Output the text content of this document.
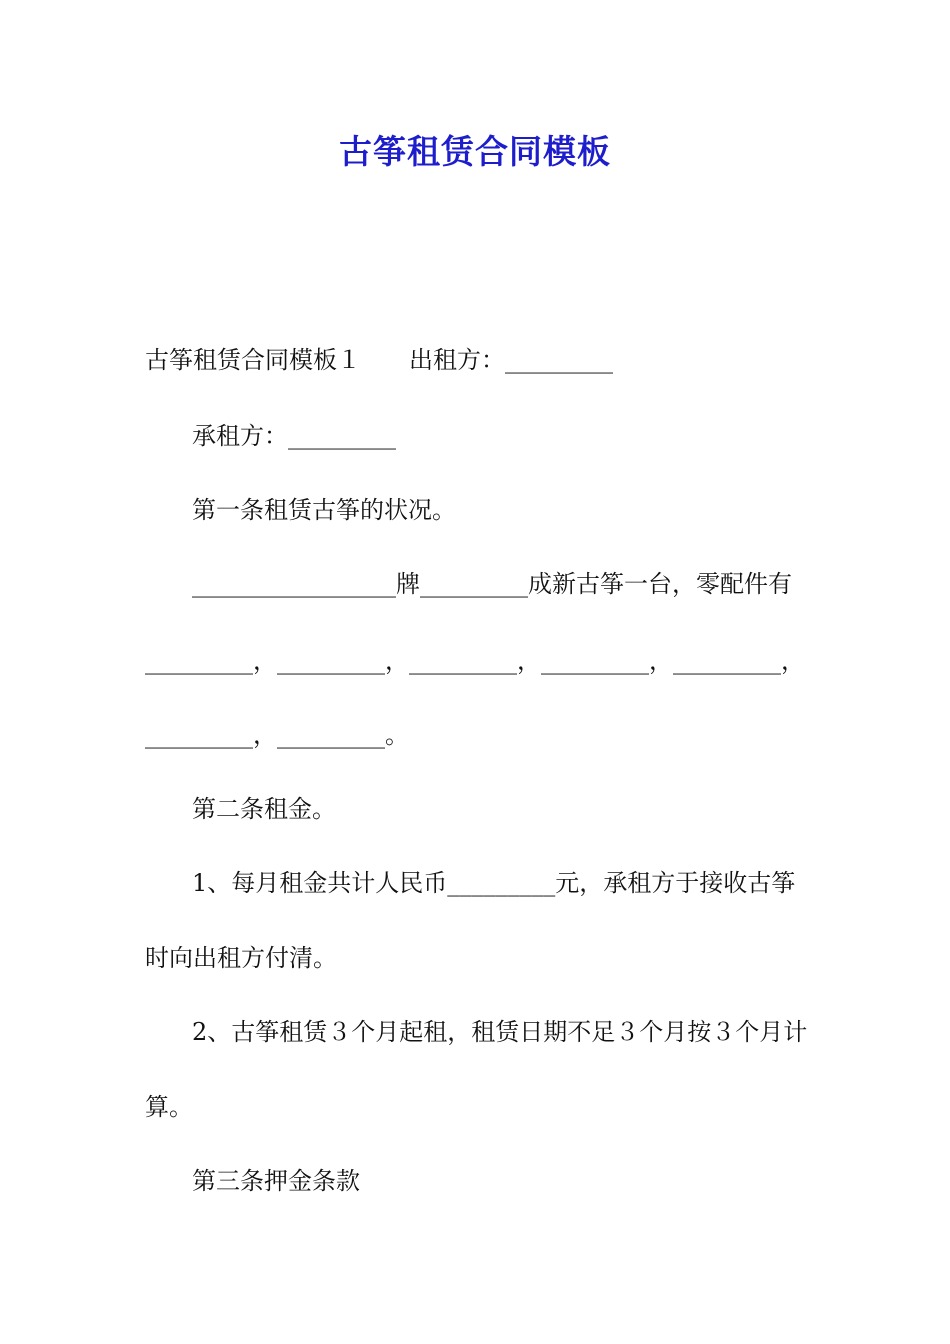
古筝租赁合同模板
古筝租赁合同模板１　　出租方：_________
承租方：_________
第一条租赁古筝的状况。
_________________牌_________成新古筝一台，零配件有
_________，_________，_________，_________，_________，
_________，_________。
第二条租金。
1、每月租金共计人民币_________元，承租方于接收古筝
时向出租方付清。
2、古筝租赁３个月起租，租赁日期不足３个月按３个月计
算。
第三条押金条款
